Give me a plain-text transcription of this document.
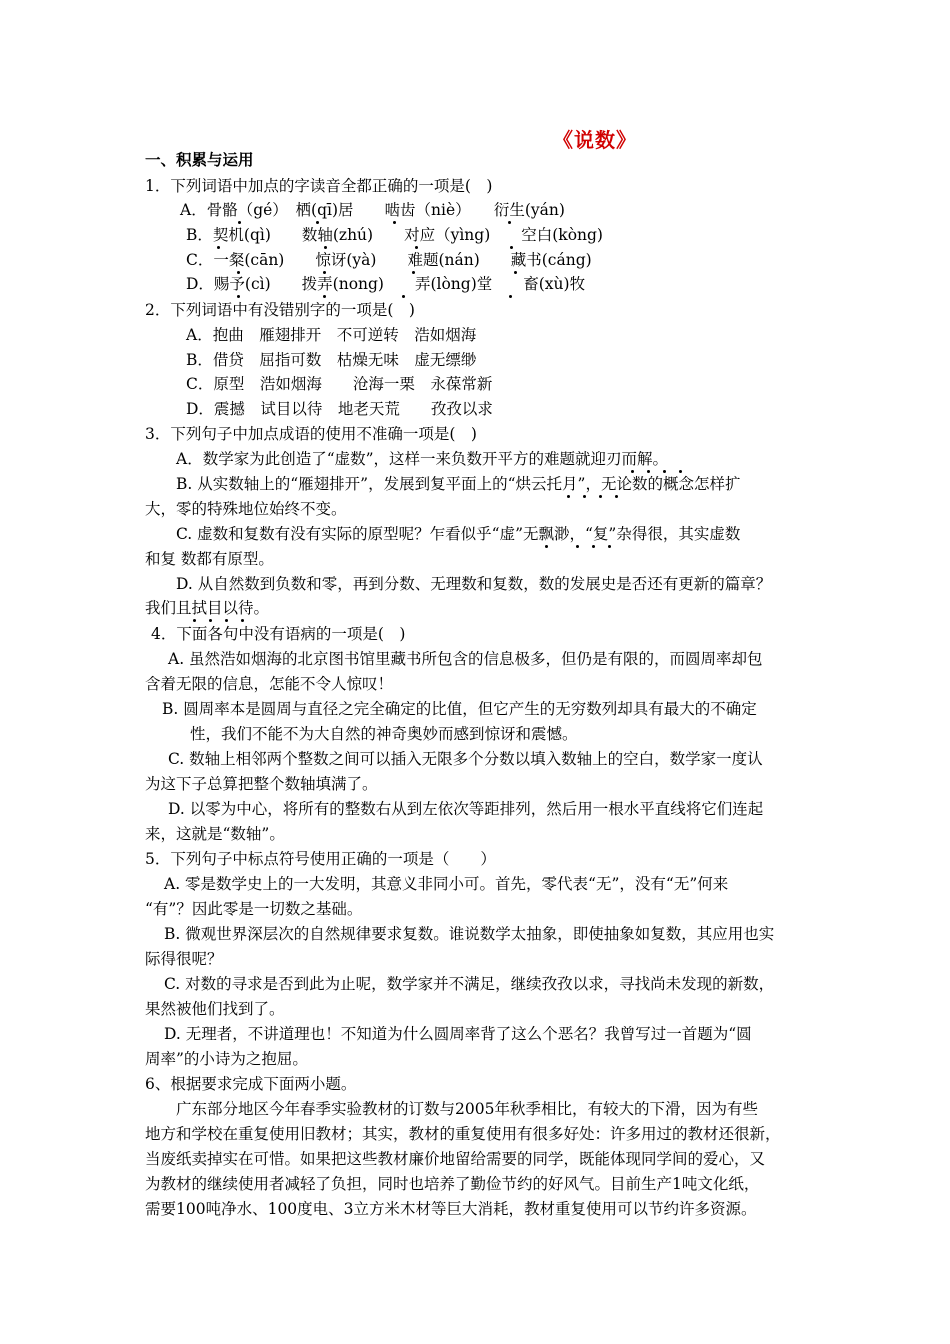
《说数》
一、积累与运用
1．下列词语中加点的字读音全都正确的一项是(　)
A．骨骼（gé）　栖(qī)居　　啮齿（niè）　　衍生(yán)
B．契机(qì)　　数轴(zhú)　　对应（yìng)　　空白(kòng)
C．一粲(cān)　　惊讶(yà)　　难题(nán)　　藏书(cáng)
D．赐予(cì)　　拨弄(nong)　　弄(lòng)堂　　畜(xù)牧
2．下列词语中有没错别字的一项是(　)
A．抱曲　雁翅排开　不可逆转　浩如烟海
B．借贷　屈指可数　枯燥无味　虚无缥缈
C．原型　浩如烟海　　沧海一栗　永葆常新
D．震撼　试目以待　地老天荒　　孜孜以求
3．下列句子中加点成语的使用不准确一项是(　)
A．数学家为此创造了“虚数”，这样一来负数开平方的难题就迎刃而解。
B. 从实数轴上的“雁翅排开”，发展到复平面上的“烘云托月”，无论数的概念怎样扩
大，零的特殊地位始终不变。
C. 虚数和复数有没有实际的原型呢？乍看似乎“虚”无飘渺，“复”杂得很，其实虚数
和复 数都有原型。
D. 从自然数到负数和零，再到分数、无理数和复数，数的发展史是否还有更新的篇章？
我们且拭目以待。
4．下面各句中没有语病的一项是(　)
A. 虽然浩如烟海的北京图书馆里藏书所包含的信息极多，但仍是有限的，而圆周率却包
含着无限的信息，怎能不令人惊叹！
B. 圆周率本是圆周与直径之完全确定的比值，但它产生的无穷数列却具有最大的不确定
性，我们不能不为大自然的神奇奥妙而感到惊讶和震憾。
C. 数轴上相邻两个整数之间可以插入无限多个分数以填入数轴上的空白，数学家一度认
为这下子总算把整个数轴填满了。
D. 以零为中心，将所有的整数右从到左依次等距排列，然后用一根水平直线将它们连起
来，这就是“数轴”。
5．下列句子中标点符号使用正确的一项是（　　）
A. 零是数学史上的一大发明，其意义非同小可。首先，零代表“无”，没有“无”何来
“有”？因此零是一切数之基础。
B. 微观世界深层次的自然规律要求复数。谁说数学太抽象，即使抽象如复数，其应用也实
际得很呢？
C. 对数的寻求是否到此为止呢，数学家并不满足，继续孜孜以求，寻找尚未发现的新数，
果然被他们找到了。
D. 无理者，不讲道理也！不知道为什么圆周率背了这么个恶名？我曾写过一首题为“圆
周率”的小诗为之抱屈。
6、根据要求完成下面两小题。
广东部分地区今年春季实验教材的订数与2005年秋季相比，有较大的下滑，因为有些
地方和学校在重复使用旧教材；其实，教材的重复使用有很多好处：许多用过的教材还很新，
当废纸卖掉实在可惜。如果把这些教材廉价地留给需要的同学，既能体现同学间的爱心，又
为教材的继续使用者减轻了负担，同时也培养了勤俭节约的好风气。目前生产1吨文化纸，
需要100吨净水、100度电、3立方米木材等巨大消耗，教材重复使用可以节约许多资源。
